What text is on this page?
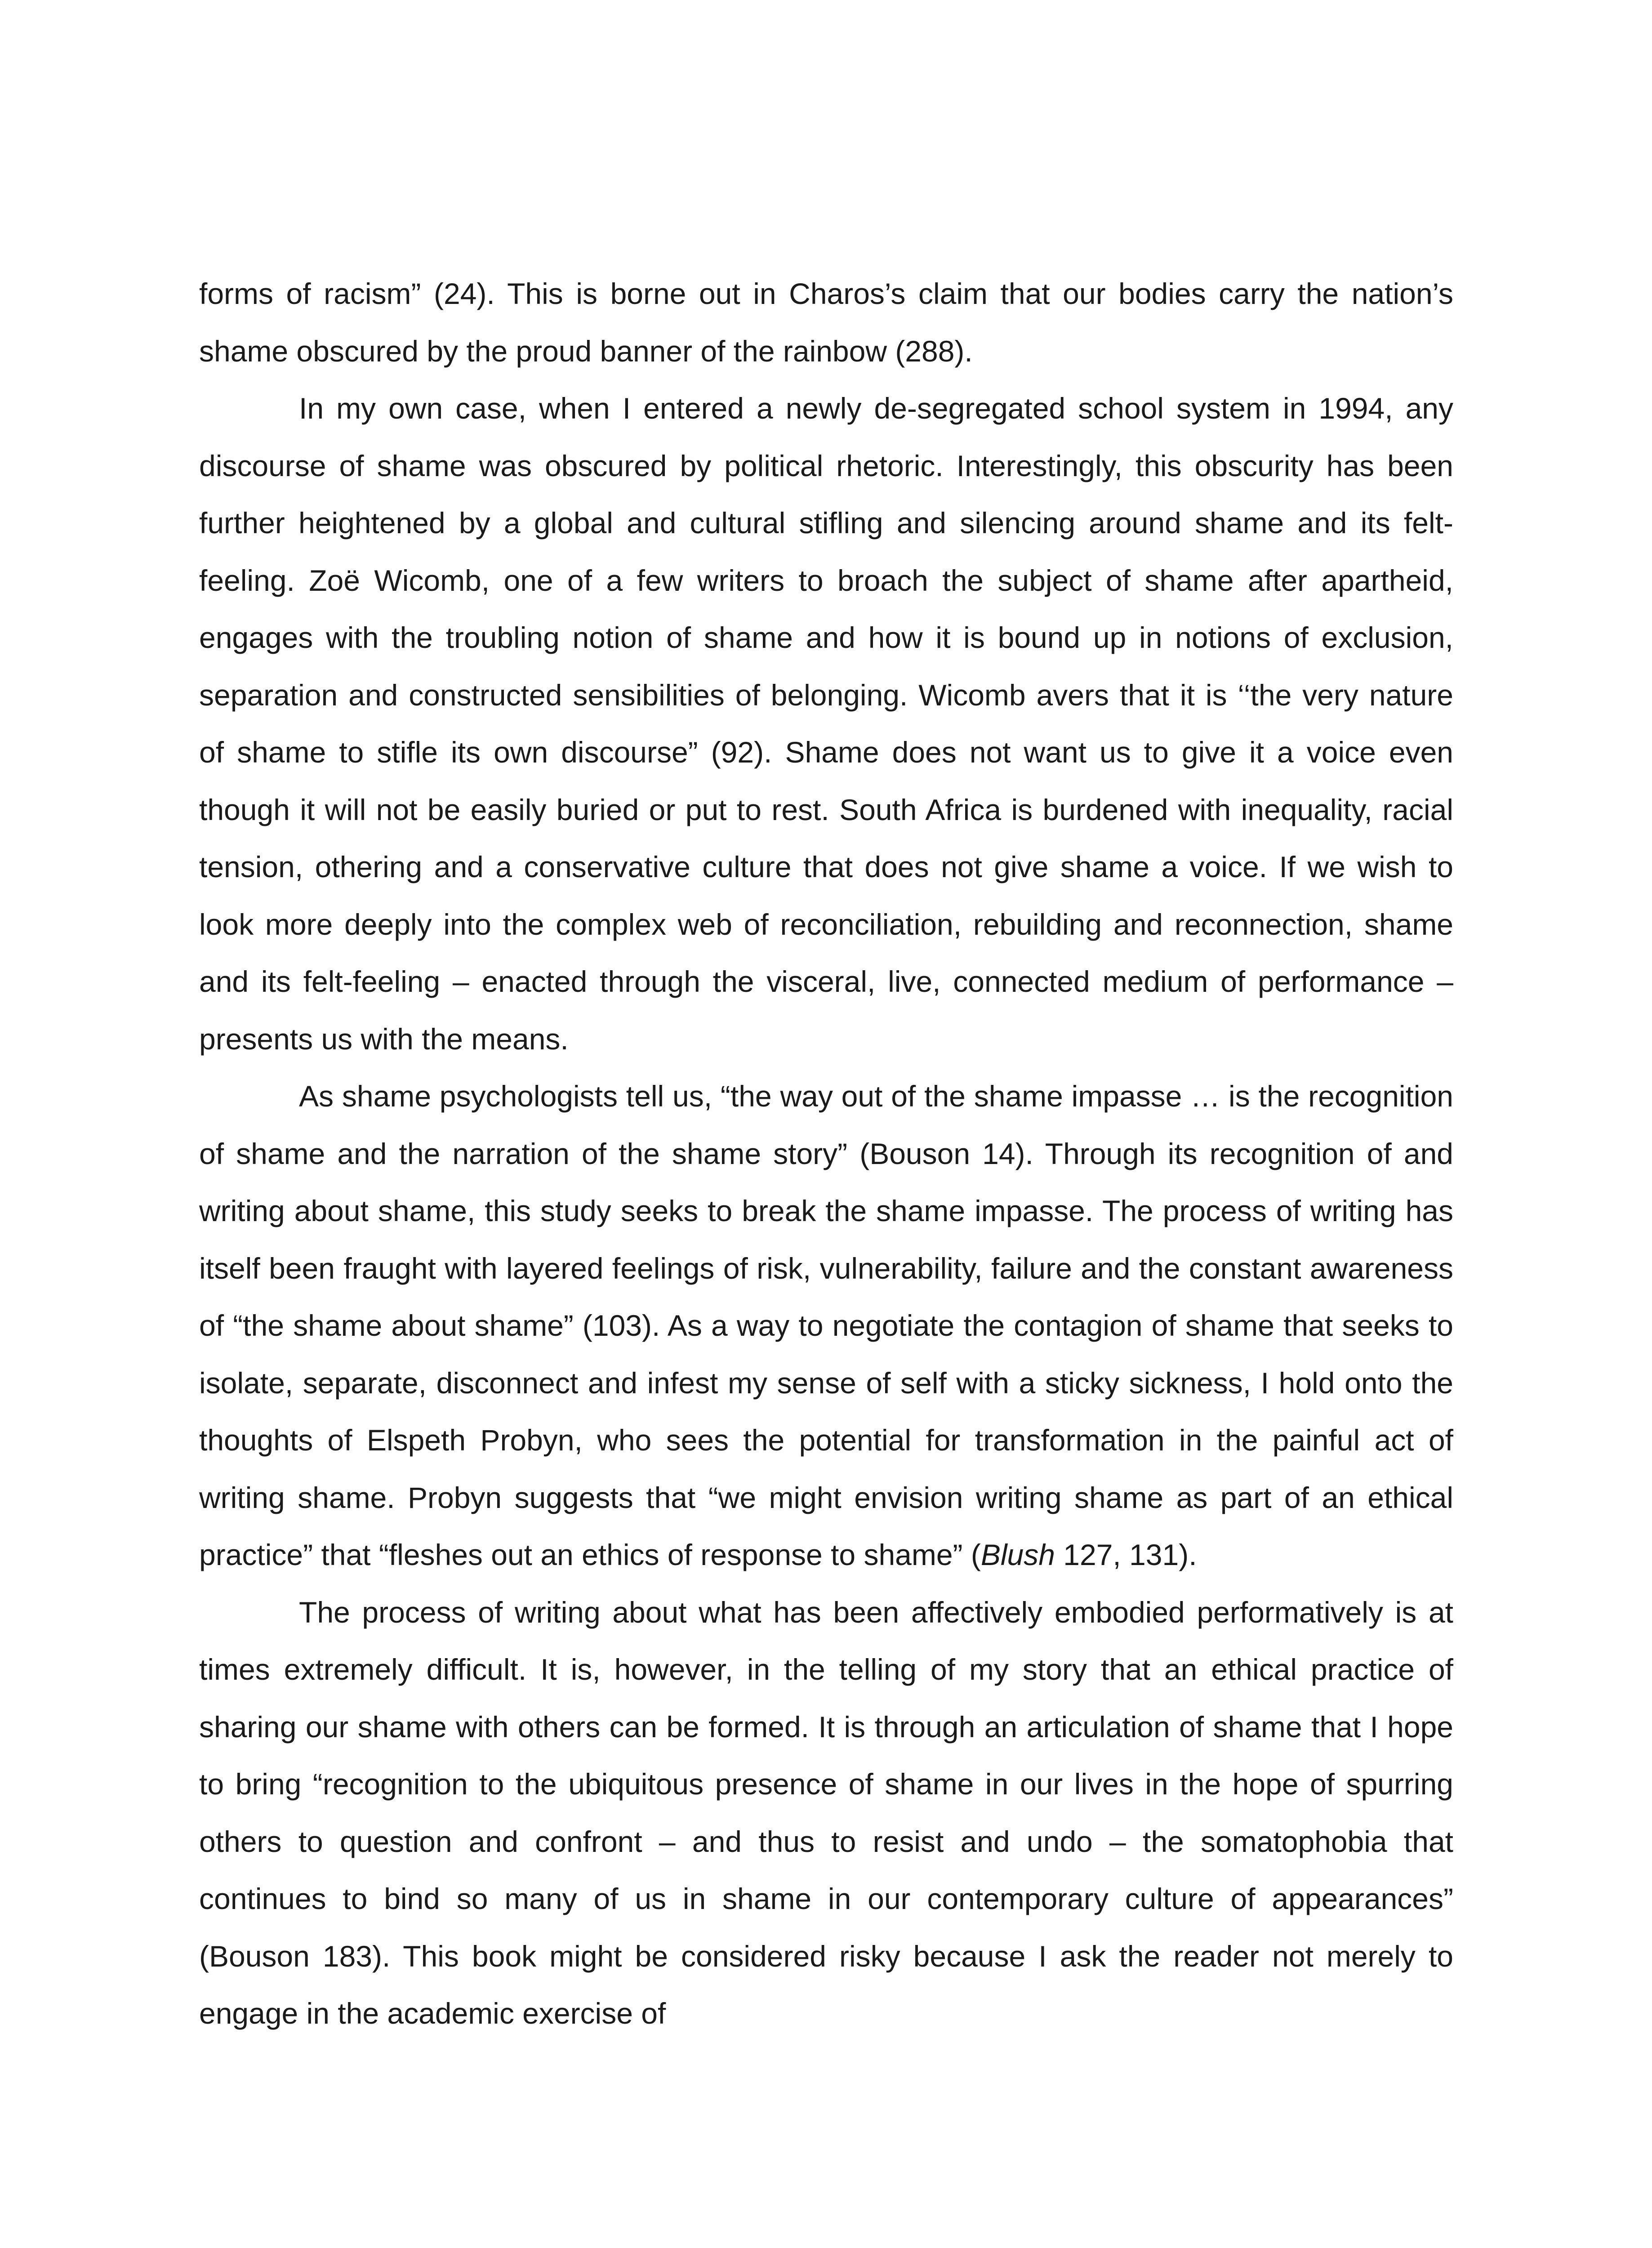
forms of racism” (24). This is borne out in Charos’s claim that our bodies carry the nation’s shame obscured by the proud banner of the rainbow (288).

In my own case, when I entered a newly de-segregated school system in 1994, any discourse of shame was obscured by political rhetoric. Interestingly, this obscurity has been further heightened by a global and cultural stifling and silencing around shame and its felt-feeling. Zoë Wicomb, one of a few writers to broach the subject of shame after apartheid, engages with the troubling notion of shame and how it is bound up in notions of exclusion, separation and constructed sensibilities of belonging. Wicomb avers that it is ‘‘the very nature of shame to stifle its own discourse” (92). Shame does not want us to give it a voice even though it will not be easily buried or put to rest. South Africa is burdened with inequality, racial tension, othering and a conservative culture that does not give shame a voice. If we wish to look more deeply into the complex web of reconciliation, rebuilding and reconnection, shame and its felt-feeling – enacted through the visceral, live, connected medium of performance – presents us with the means.

As shame psychologists tell us, “the way out of the shame impasse … is the recognition of shame and the narration of the shame story” (Bouson 14). Through its recognition of and writing about shame, this study seeks to break the shame impasse. The process of writing has itself been fraught with layered feelings of risk, vulnerability, failure and the constant awareness of “the shame about shame” (103). As a way to negotiate the contagion of shame that seeks to isolate, separate, disconnect and infest my sense of self with a sticky sickness, I hold onto the thoughts of Elspeth Probyn, who sees the potential for transformation in the painful act of writing shame. Probyn suggests that “we might envision writing shame as part of an ethical practice” that “fleshes out an ethics of response to shame” (Blush 127, 131).

The process of writing about what has been affectively embodied performatively is at times extremely difficult. It is, however, in the telling of my story that an ethical practice of sharing our shame with others can be formed. It is through an articulation of shame that I hope to bring “recognition to the ubiquitous presence of shame in our lives in the hope of spurring others to question and confront – and thus to resist and undo – the somatophobia that continues to bind so many of us in shame in our contemporary culture of appearances” (Bouson 183). This book might be considered risky because I ask the reader not merely to engage in the academic exercise of
